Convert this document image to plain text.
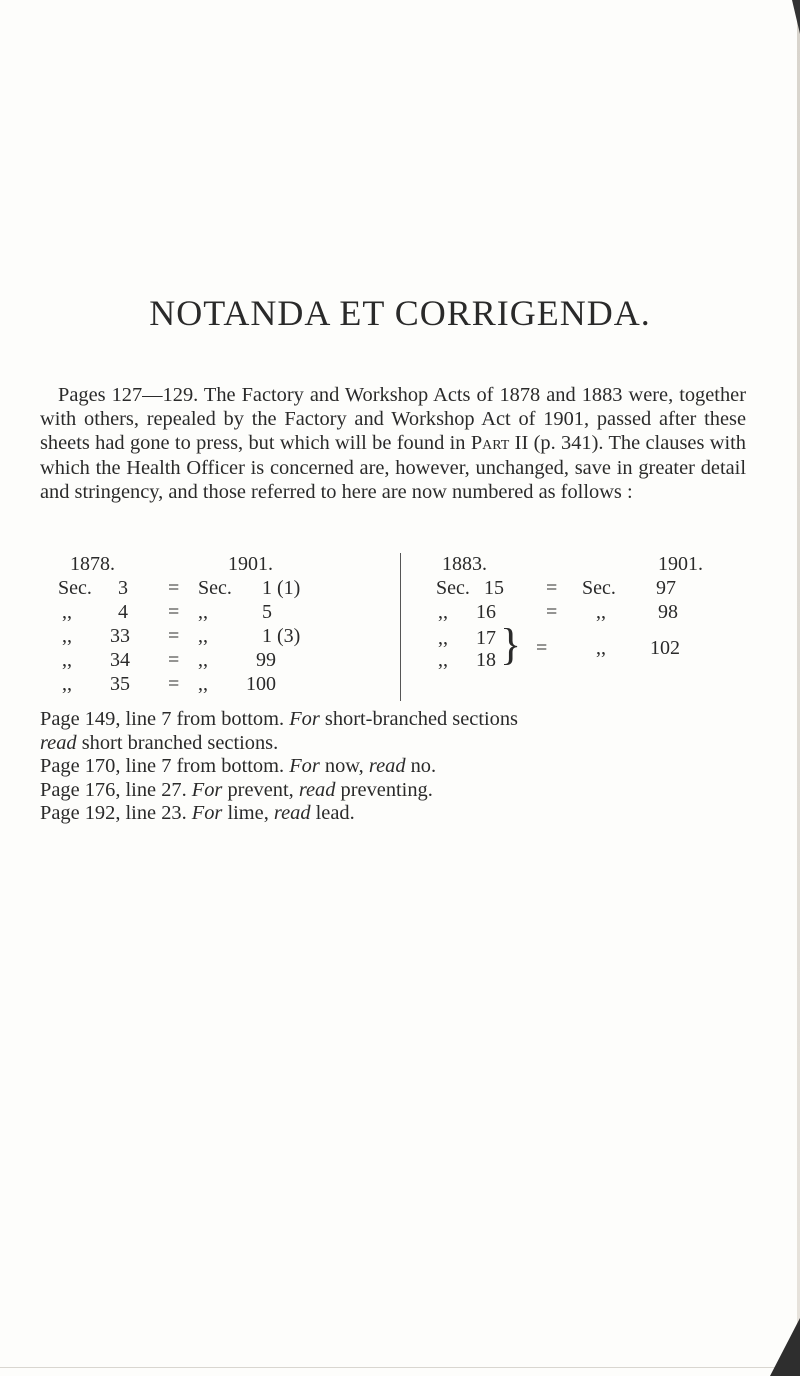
NOTANDA ET CORRIGENDA.

Pages 127—129. The Factory and Workshop Acts of 1878 and 1883 were, together with others, repealed by the Factory and Workshop Act of 1901, passed after these sheets had gone to press, but which will be found in Part II (p. 341). The clauses with which the Health Officer is concerned are, however, unchanged, save in greater detail and stringency, and those referred to here are now numbered as follows :

1878.	1901.
Sec. 3 = Sec. 1 (1)
,, 4 = ,,	5
,, 33 = ,,	1 (3)
,, 34 = ,, 99
,, 35 = ,, 100
1883.	1901.
Sec. 15 = Sec. 97
,, 16	= ,,	98
,, 17
,, 18 } = ,, 102
Page 149, line 7 from bottom. For short-branched sections
read short branched sections.
Page 170, line 7 from bottom. For now, read no.
Page 176, line 27. For prevent, read preventing.
Page 192, line 23. For lime, read lead.
